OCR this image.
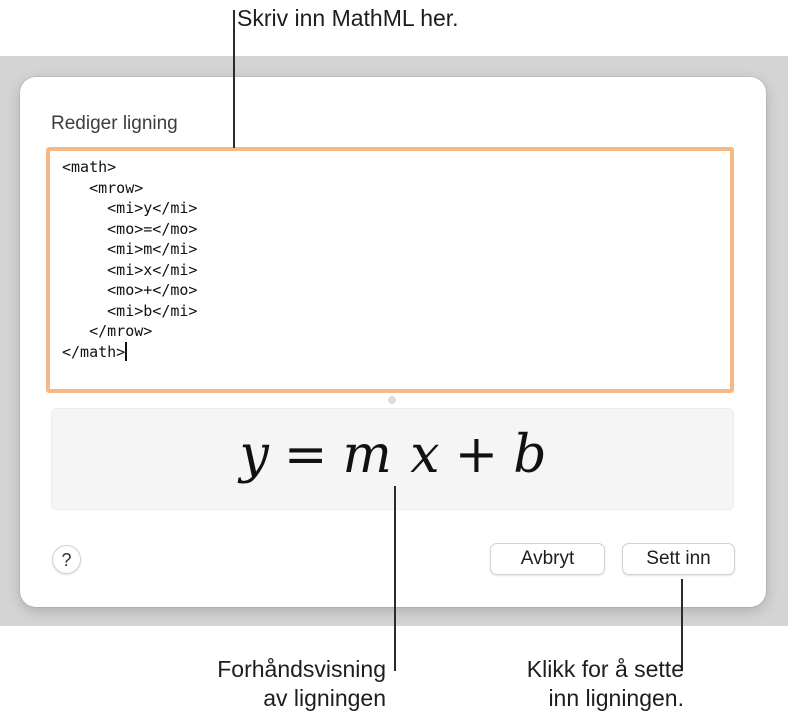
Rediger ligning
<math>
<mrow>
<mi>y</mi>
<mo>=</mo>
<mi>m</mi>
<mi>x</mi>
<mo>+</mo>
<mi>b</mi>
</mrow>
</math>
y = m x + b
?	Avbryt	Sett inn
Skriv inn MathML her.
Forhåndsvisning
av ligningen
Klikk for å sette
inn ligningen.
